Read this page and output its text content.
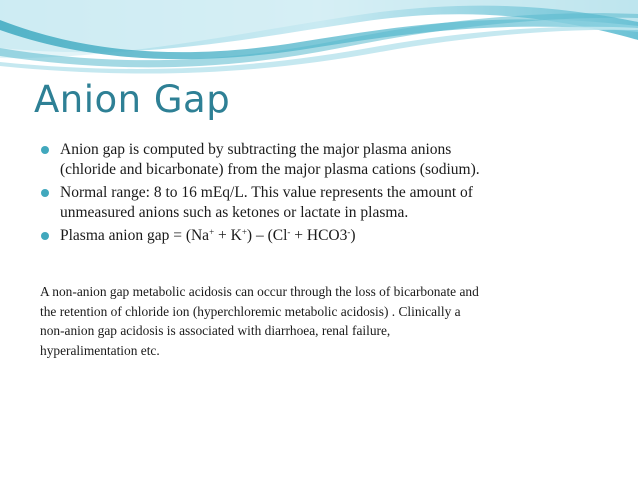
Anion Gap
Anion gap is computed by subtracting the major plasma anions
(chloride and bicarbonate) from the major plasma cations (sodium).
Normal range: 8 to 16 mEq/L. This value represents the amount of
unmeasured anions such as ketones or lactate in plasma.
Plasma anion gap = (Na+ + K+) – (Cl- + HCO3-)

A non-anion gap metabolic acidosis can occur through the loss of bicarbonate and
the retention of chloride ion (hyperchloremic metabolic acidosis) . Clinically a
non-anion gap acidosis is associated with diarrhoea, renal failure,
hyperalimentation etc.
